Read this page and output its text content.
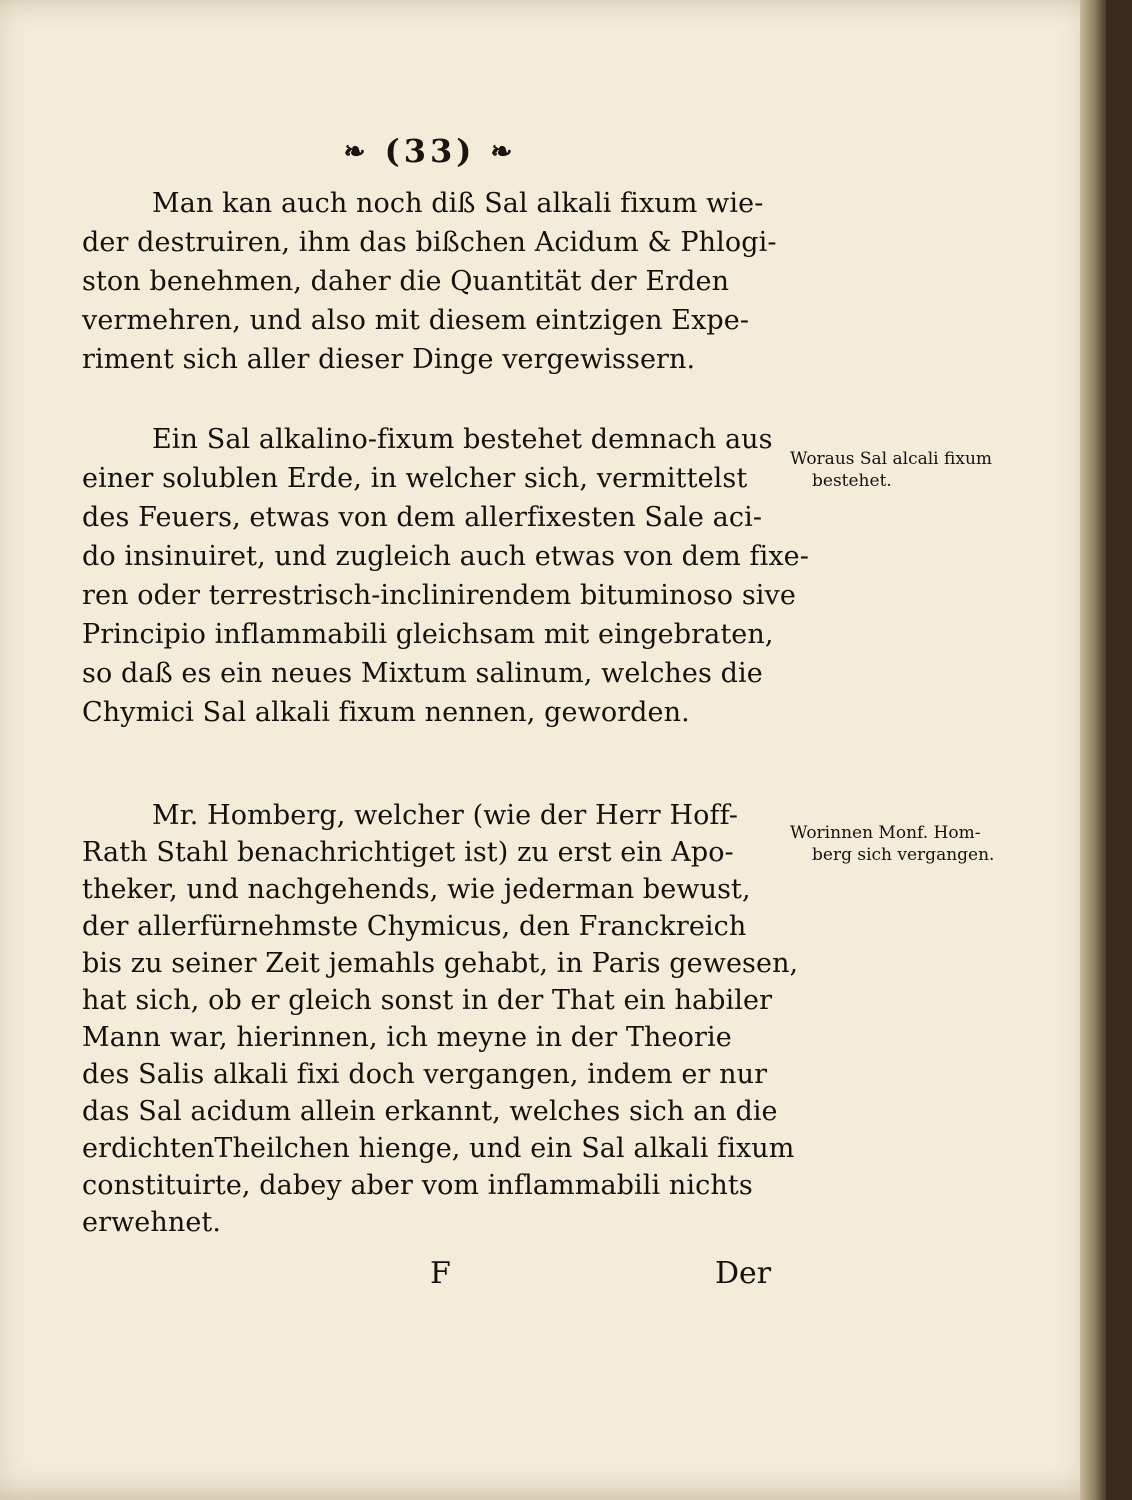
❧ (33) ❧
Man kan auch noch diß Sal alkali fixum wie-
der destruiren, ihm das bißchen Acidum & Phlogi-
ston benehmen, daher die Quantität der Erden
vermehren, und also mit diesem eintzigen Expe-
riment sich aller dieser Dinge vergewissern.
Ein Sal alkalino-fixum bestehet demnach aus
einer solublen Erde, in welcher sich, vermittelst
des Feuers, etwas von dem allerfixesten Sale aci-
do insinuiret, und zugleich auch etwas von dem fixe-
ren oder terrestrisch-inclinirendem bituminoso sive
Principio inflammabili gleichsam mit eingebraten,
so daß es ein neues Mixtum salinum, welches die
Chymici Sal alkali fixum nennen, geworden.
Mr. Homberg, welcher (wie der Herr Hoff-
Rath Stahl benachrichtiget ist) zu erst ein Apo-
theker, und nachgehends, wie jederman bewust,
der allerfürnehmste Chymicus, den Franckreich
bis zu seiner Zeit jemahls gehabt, in Paris gewesen,
hat sich, ob er gleich sonst in der That ein habiler
Mann war, hierinnen, ich meyne in der Theorie
des Salis alkali fixi doch vergangen, indem er nur
das Sal acidum allein erkannt, welches sich an die
erdichtenTheilchen hienge, und ein Sal alkali fixum
constituirte, dabey aber vom inflammabili nichts
erwehnet.
Woraus Sal alcali fixum
bestehet.
Worinnen Monf. Hom-
berg sich vergangen.
F	Der
